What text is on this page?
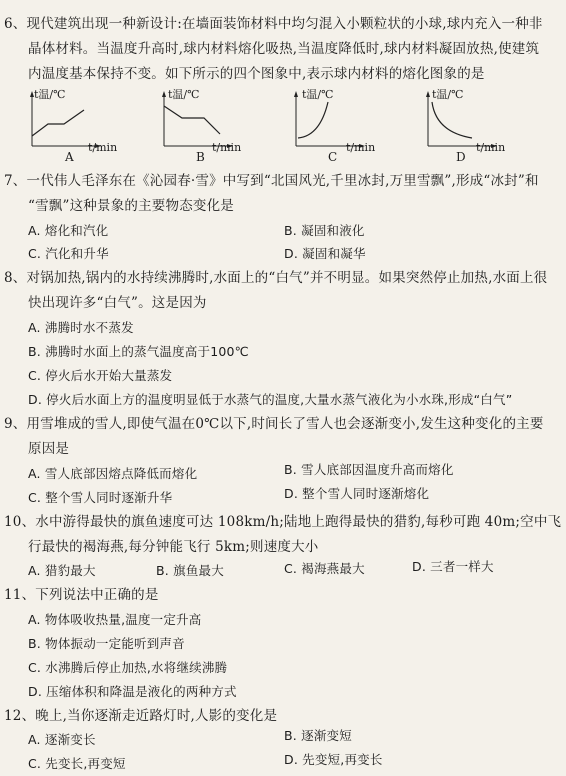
6、现代建筑出现一种新设计:在墙面装饰材料中均匀混入小颗粒状的小球,球内充入一种非
晶体材料。当温度升高时,球内材料熔化吸热,当温度降低时,球内材料凝固放热,使建筑
内温度基本保持不变。如下所示的四个图象中,表示球内材料的熔化图象的是
t温/℃
t/min
A
t温/℃
t/min
B
t温/℃
t/min
C
t温/℃
t/min
D
7、一代伟人毛泽东在《沁园春·雪》中写到“北国风光,千里冰封,万里雪飘”,形成“冰封”和
“雪飘”这种景象的主要物态变化是
A. 熔化和汽化	B. 凝固和液化
C. 汽化和升华	D. 凝固和凝华
8、对锅加热,锅内的水持续沸腾时,水面上的“白气”并不明显。如果突然停止加热,水面上很
快出现许多“白气”。这是因为
A. 沸腾时水不蒸发
B. 沸腾时水面上的蒸气温度高于100℃
C. 停火后水开始大量蒸发
D. 停火后水面上方的温度明显低于水蒸气的温度,大量水蒸气液化为小水珠,形成“白气”
9、用雪堆成的雪人,即使气温在0℃以下,时间长了雪人也会逐渐变小,发生这种变化的主要
原因是
A. 雪人底部因熔点降低而熔化	B. 雪人底部因温度升高而熔化
C. 整个雪人同时逐渐升华	D. 整个雪人同时逐渐熔化
10、水中游得最快的旗鱼速度可达 108km/h;陆地上跑得最快的猎豹,每秒可跑 40m;空中飞
行最快的褐海燕,每分钟能飞行 5km;则速度大小
A. 猎豹最大	B. 旗鱼最大	C. 褐海燕最大	D. 三者一样大
11、下列说法中正确的是
A. 物体吸收热量,温度一定升高
B. 物体振动一定能听到声音
C. 水沸腾后停止加热,水将继续沸腾
D. 压缩体积和降温是液化的两种方式
12、晚上,当你逐渐走近路灯时,人影的变化是
A. 逐渐变长	B. 逐渐变短
C. 先变长,再变短	D. 先变短,再变长
